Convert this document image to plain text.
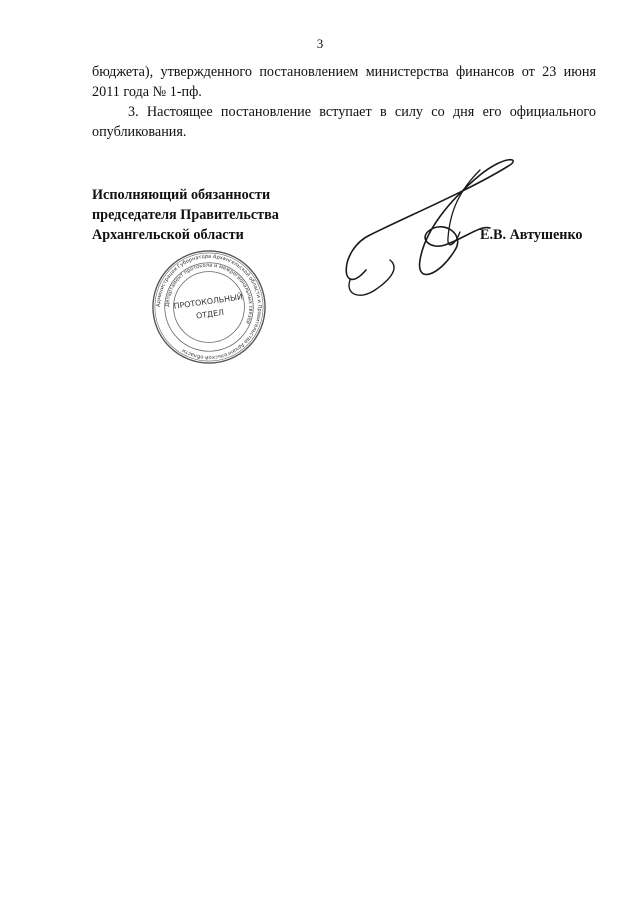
3

бюджета), утвержденного постановлением министерства финансов от 23 июня 2011 года № 1-пф.

3. Настоящее постановление вступает в силу со дня его официального опубликования.

Исполняющий обязанности
председателя Правительства
Архангельской области	Е.В. Автушенко
Администрация Губернатора Архангельской области и Правительства Архангельской области
Департамент протокола и межрегиональных связей
ПРОТОКОЛЬНЫЙ
ОТДЕЛ
